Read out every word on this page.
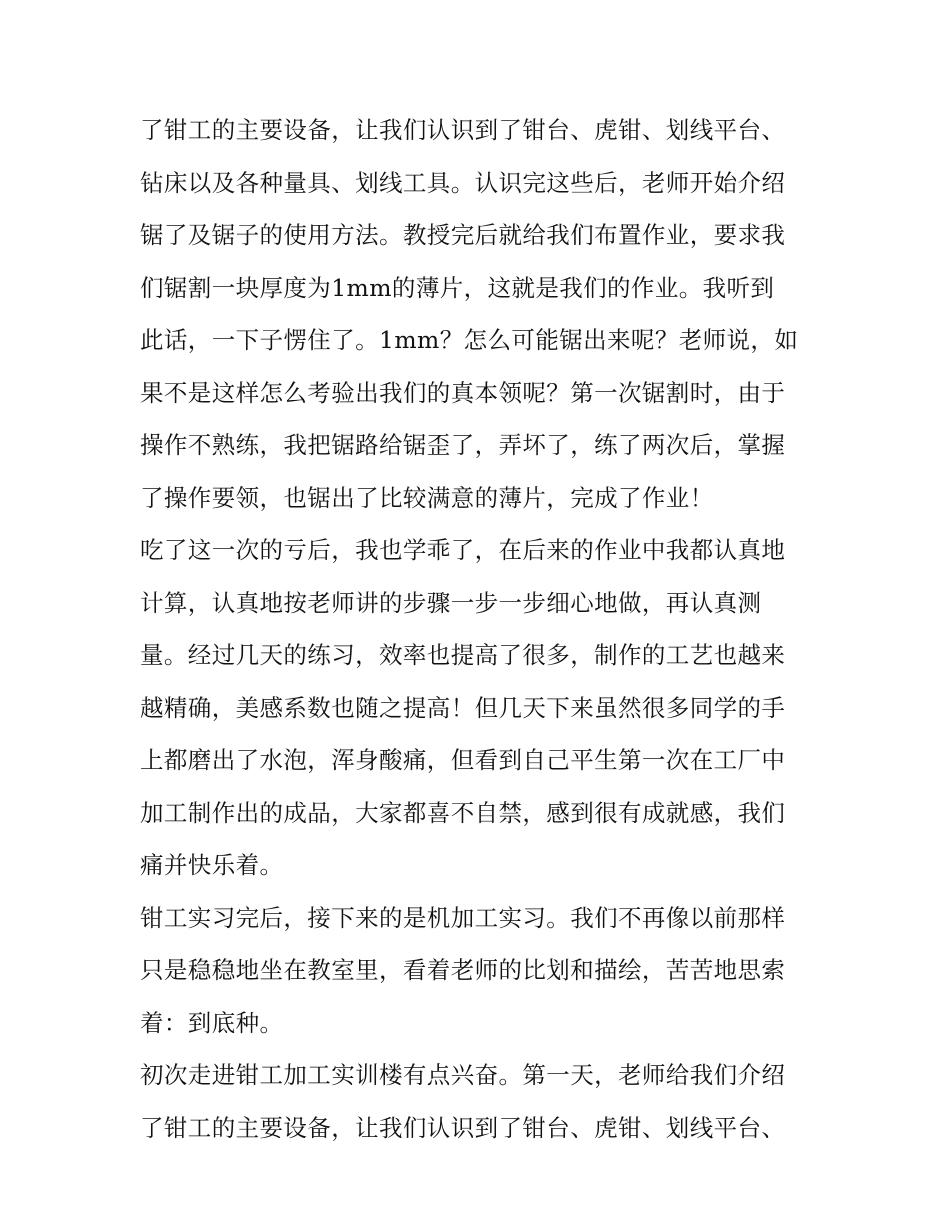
了钳工的主要设备，让我们认识到了钳台、虎钳、划线平台、
钻床以及各种量具、划线工具。认识完这些后，老师开始介绍
锯了及锯子的使用方法。教授完后就给我们布置作业，要求我
们锯割一块厚度为1mm的薄片，这就是我们的作业。我听到
此话，一下子愣住了。1mm？怎么可能锯出来呢？老师说，如
果不是这样怎么考验出我们的真本领呢？第一次锯割时，由于
操作不熟练，我把锯路给锯歪了，弄坏了，练了两次后，掌握
了操作要领，也锯出了比较满意的薄片，完成了作业！
吃了这一次的亏后，我也学乖了，在后来的作业中我都认真地
计算，认真地按老师讲的步骤一步一步细心地做，再认真测
量。经过几天的练习，效率也提高了很多，制作的工艺也越来
越精确，美感系数也随之提高！但几天下来虽然很多同学的手
上都磨出了水泡，浑身酸痛，但看到自己平生第一次在工厂中
加工制作出的成品，大家都喜不自禁，感到很有成就感，我们
痛并快乐着。
钳工实习完后，接下来的是机加工实习。我们不再像以前那样
只是稳稳地坐在教室里，看着老师的比划和描绘，苦苦地思索
着：到底种。
初次走进钳工加工实训楼有点兴奋。第一天，老师给我们介绍
了钳工的主要设备，让我们认识到了钳台、虎钳、划线平台、
